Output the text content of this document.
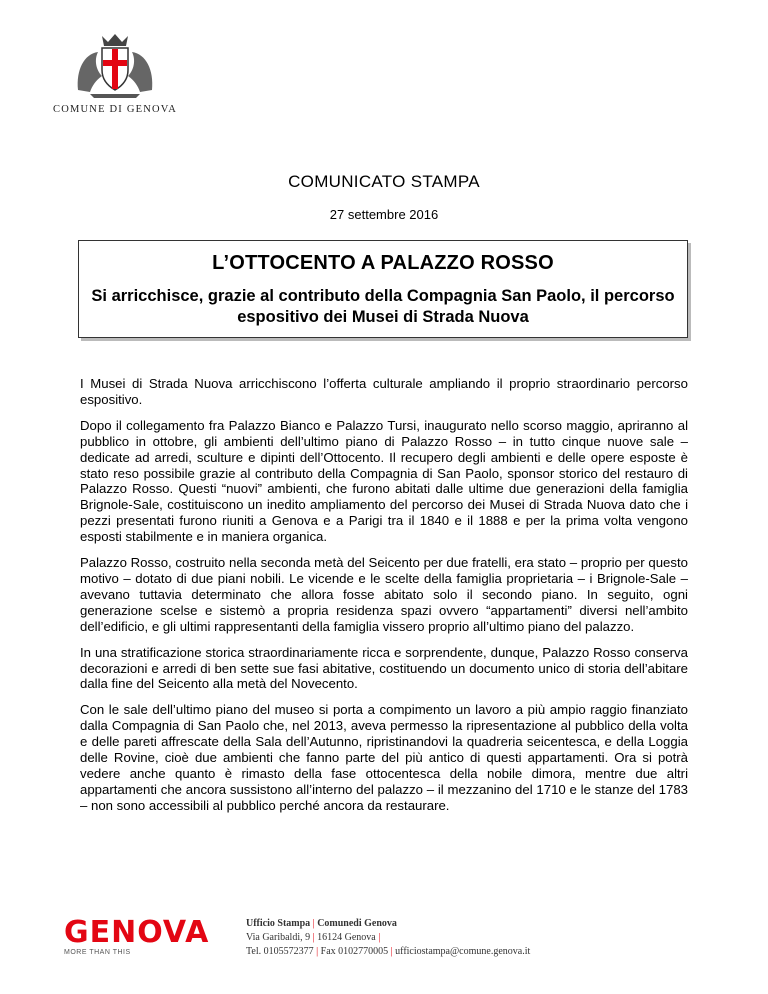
COMUNE DI GENOVA
COMUNICATO STAMPA
27 settembre 2016
L’OTTOCENTO A PALAZZO ROSSO
Si arricchisce, grazie al contributo della Compagnia San Paolo, il percorso espositivo dei Musei di Strada Nuova

I Musei di Strada Nuova arricchiscono l’offerta culturale ampliando il proprio straordinario percorso espositivo.

Dopo il collegamento fra Palazzo Bianco e Palazzo Tursi, inaugurato nello scorso maggio, apriranno al pubblico in ottobre, gli ambienti dell’ultimo piano di Palazzo Rosso – in tutto cinque nuove sale – dedicate ad arredi, sculture e dipinti dell’Ottocento. Il recupero degli ambienti e delle opere esposte è stato reso possibile grazie al contributo della Compagnia di San Paolo, sponsor storico del restauro di Palazzo Rosso. Questi “nuovi” ambienti, che furono abitati dalle ultime due generazioni della famiglia Brignole-Sale, costituiscono un inedito ampliamento del percorso dei Musei di Strada Nuova dato che i pezzi presentati furono riuniti a Genova e a Parigi tra il 1840 e il 1888 e per la prima volta vengono esposti stabilmente e in maniera organica.

Palazzo Rosso, costruito nella seconda metà del Seicento per due fratelli, era stato – proprio per questo motivo – dotato di due piani nobili. Le vicende e le scelte della famiglia proprietaria – i Brignole-Sale – avevano tuttavia determinato che allora fosse abitato solo il secondo piano. In seguito, ogni generazione scelse e sistemò a propria residenza spazi ovvero “appartamenti” diversi nell’ambito dell’edificio, e gli ultimi rappresentanti della famiglia vissero proprio all’ultimo piano del palazzo.

In una stratificazione storica straordinariamente ricca e sorprendente, dunque, Palazzo Rosso conserva decorazioni e arredi di ben sette sue fasi abitative, costituendo un documento unico di storia dell’abitare dalla fine del Seicento alla metà del Novecento.

Con le sale dell’ultimo piano del museo si porta a compimento un lavoro a più ampio raggio finanziato dalla Compagnia di San Paolo che, nel 2013, aveva permesso la ripresentazione al pubblico della volta e delle pareti affrescate della Sala dell’Autunno, ripristinandovi la quadreria seicentesca, e della Loggia delle Rovine, cioè due ambienti che fanno parte del più antico di questi appartamenti. Ora si potrà vedere anche quanto è rimasto della fase ottocentesca della nobile dimora, mentre due altri appartamenti che ancora sussistono all’interno del palazzo – il mezzanino del 1710 e le stanze del 1783 – non sono accessibili al pubblico perché ancora da restaurare.

GENOVA
MORE THAN THIS
Ufficio Stampa | Comunedi Genova
Via Garibaldi, 9 | 16124 Genova |
Tel. 0105572377 | Fax 0102770005 | ufficiostampa@comune.genova.it
